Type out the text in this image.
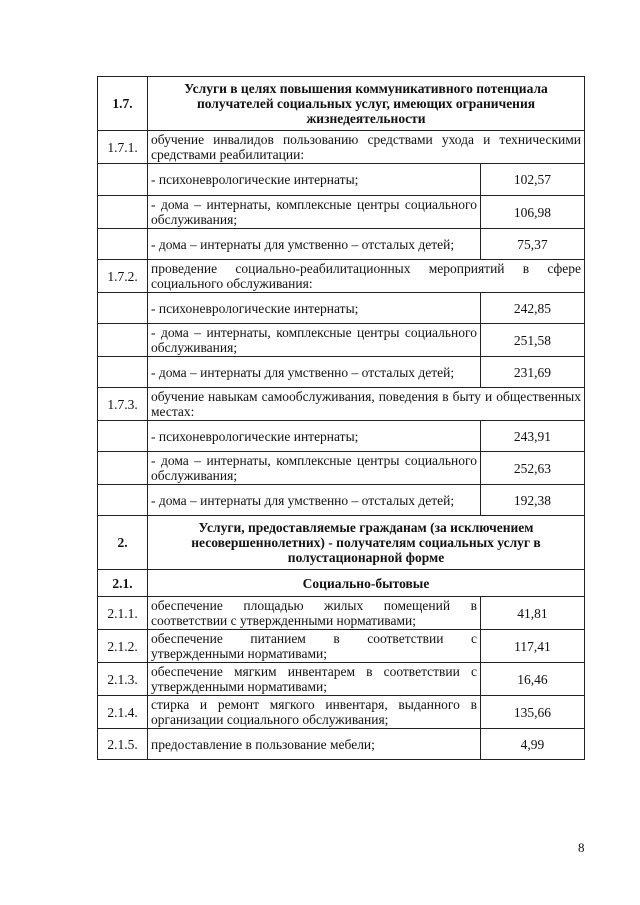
1.7.	Услуги в целях повышения коммуникативного потенциала получателей социальных услуг, имеющих ограничения жизнедеятельности	
1.7.1.	обучение инвалидов пользованию средствами ухода и техническими средствами реабилитации:	
	- психоневрологические интернаты;	102,57
	- дома – интернаты, комплексные центры социального обслуживания;	106,98
	- дома – интернаты для умственно – отсталых детей;	75,37
1.7.2.	проведение социально-реабилитационных мероприятий в сфере социального обслуживания:	
	- психоневрологические интернаты;	242,85
	- дома – интернаты, комплексные центры социального обслуживания;	251,58
	- дома – интернаты для умственно – отсталых детей;	231,69
1.7.3.	обучение навыкам самообслуживания, поведения в быту и общественных местах:	
	- психоневрологические интернаты;	243,91
	- дома – интернаты, комплексные центры социального обслуживания;	252,63
	- дома – интернаты для умственно – отсталых детей;	192,38
2.	Услуги, предоставляемые гражданам (за исключением несовершеннолетних) - получателям социальных услуг в полустационарной форме	
2.1.	Социально-бытовые	
2.1.1.	обеспечение площадью жилых помещений в соответствии с утвержденными нормативами;	41,81
2.1.2.	обеспечение питанием в соответствии с утвержденными нормативами;	117,41
2.1.3.	обеспечение мягким инвентарем в соответствии с утвержденными нормативами;	16,46
2.1.4.	стирка и ремонт мягкого инвентаря, выданного в организации социального обслуживания;	135,66
2.1.5.	предоставление в пользование мебели;	4,99
8
